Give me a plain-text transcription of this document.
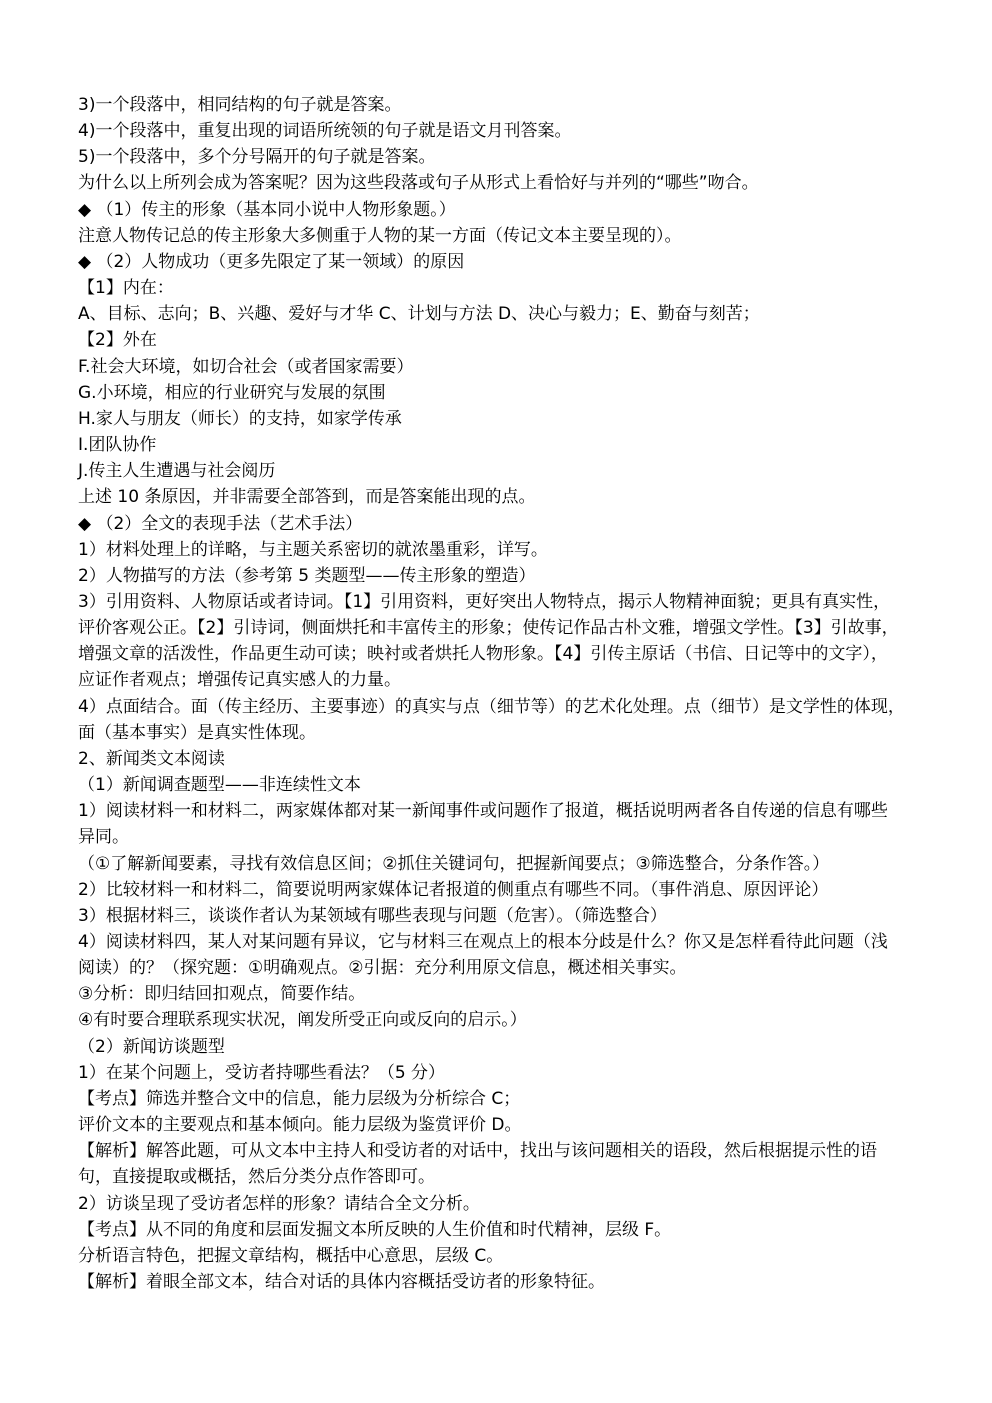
3)一个段落中，相同结构的句子就是答案。
4)一个段落中，重复出现的词语所统领的句子就是语文月刊答案。
5)一个段落中，多个分号隔开的句子就是答案。
为什么以上所列会成为答案呢？因为这些段落或句子从形式上看恰好与并列的“哪些”吻合。
◆ （1）传主的形象（基本同小说中人物形象题。）
注意人物传记总的传主形象大多侧重于人物的某一方面（传记文本主要呈现的）。
◆ （2）人物成功（更多先限定了某一领域）的原因
【1】内在：
A、目标、志向；B、兴趣、爱好与才华 C、计划与方法 D、决心与毅力；E、勤奋与刻苦；
【2】外在
F.社会大环境，如切合社会（或者国家需要）
G.小环境，相应的行业研究与发展的氛围
H.家人与朋友（师长）的支持，如家学传承
I.团队协作
J.传主人生遭遇与社会阅历
上述 10 条原因，并非需要全部答到，而是答案能出现的点。
◆ （2）全文的表现手法（艺术手法）
1）材料处理上的详略，与主题关系密切的就浓墨重彩，详写。
2）人物描写的方法（参考第 5 类题型——传主形象的塑造）
3）引用资料、人物原话或者诗词。【1】引用资料，更好突出人物特点，揭示人物精神面貌；更具有真实性，
评价客观公正。【2】引诗词，侧面烘托和丰富传主的形象；使传记作品古朴文雅，增强文学性。【3】引故事，
增强文章的活泼性，作品更生动可读；映衬或者烘托人物形象。【4】引传主原话（书信、日记等中的文字），
应证作者观点；增强传记真实感人的力量。
4）点面结合。面（传主经历、主要事迹）的真实与点（细节等）的艺术化处理。点（细节）是文学性的体现，
面（基本事实）是真实性体现。
2、新闻类文本阅读
（1）新闻调查题型——非连续性文本
1）阅读材料一和材料二，两家媒体都对某一新闻事件或问题作了报道，概括说明两者各自传递的信息有哪些
异同。
（①了解新闻要素，寻找有效信息区间；②抓住关键词句，把握新闻要点；③筛选整合，分条作答。）
2）比较材料一和材料二，简要说明两家媒体记者报道的侧重点有哪些不同。（事件消息、原因评论）
3）根据材料三，谈谈作者认为某领域有哪些表现与问题（危害）。（筛选整合）
4）阅读材料四，某人对某问题有异议，它与材料三在观点上的根本分歧是什么？你又是怎样看待此问题（浅
阅读）的？（探究题：①明确观点。②引据：充分利用原文信息，概述相关事实。
③分析：即归结回扣观点，简要作结。
④有时要合理联系现实状况，阐发所受正向或反向的启示。）
（2）新闻访谈题型
1）在某个问题上，受访者持哪些看法？（5 分）
【考点】筛选并整合文中的信息，能力层级为分析综合 C；
评价文本的主要观点和基本倾向。能力层级为鉴赏评价 D。
【解析】解答此题，可从文本中主持人和受访者的对话中，找出与该问题相关的语段，然后根据提示性的语
句，直接提取或概括，然后分类分点作答即可。
2）访谈呈现了受访者怎样的形象？请结合全文分析。
【考点】从不同的角度和层面发掘文本所反映的人生价值和时代精神，层级 F。
分析语言特色，把握文章结构，概括中心意思，层级 C。
【解析】着眼全部文本，结合对话的具体内容概括受访者的形象特征。
